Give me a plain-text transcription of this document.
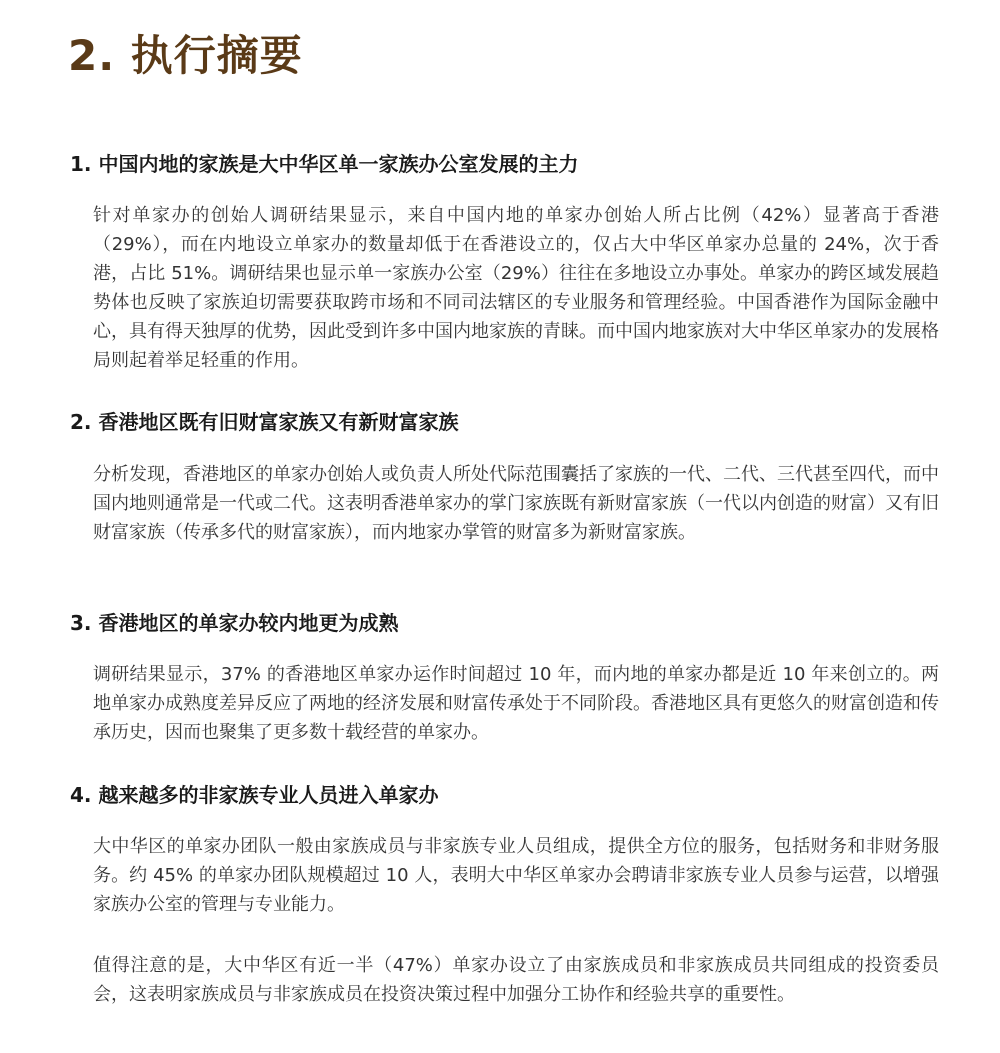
2. 执行摘要
1. 中国内地的家族是大中华区单一家族办公室发展的主力

针对单家办的创始人调研结果显示，来自中国内地的单家办创始人所占比例（42%）显著高于香港（29%），而在内地设立单家办的数量却低于在香港设立的，仅占大中华区单家办总量的 24%，次于香港，占比 51%。调研结果也显示单一家族办公室（29%）往往在多地设立办事处。单家办的跨区域发展趋势体也反映了家族迫切需要获取跨市场和不同司法辖区的专业服务和管理经验。中国香港作为国际金融中心，具有得天独厚的优势，因此受到许多中国内地家族的青睐。而中国内地家族对大中华区单家办的发展格局则起着举足轻重的作用。

2. 香港地区既有旧财富家族又有新财富家族

分析发现，香港地区的单家办创始人或负责人所处代际范围囊括了家族的一代、二代、三代甚至四代，而中国内地则通常是一代或二代。这表明香港单家办的掌门家族既有新财富家族（一代以内创造的财富）又有旧财富家族（传承多代的财富家族），而内地家办掌管的财富多为新财富家族。

3. 香港地区的单家办较内地更为成熟

调研结果显示，37% 的香港地区单家办运作时间超过 10 年，而内地的单家办都是近 10 年来创立的。两地单家办成熟度差异反应了两地的经济发展和财富传承处于不同阶段。香港地区具有更悠久的财富创造和传承历史，因而也聚集了更多数十载经营的单家办。

4. 越来越多的非家族专业人员进入单家办

大中华区的单家办团队一般由家族成员与非家族专业人员组成，提供全方位的服务，包括财务和非财务服务。约 45% 的单家办团队规模超过 10 人，表明大中华区单家办会聘请非家族专业人员参与运营，以增强家族办公室的管理与专业能力。

值得注意的是，大中华区有近一半（47%）单家办设立了由家族成员和非家族成员共同组成的投资委员会，这表明家族成员与非家族成员在投资决策过程中加强分工协作和经验共享的重要性。
